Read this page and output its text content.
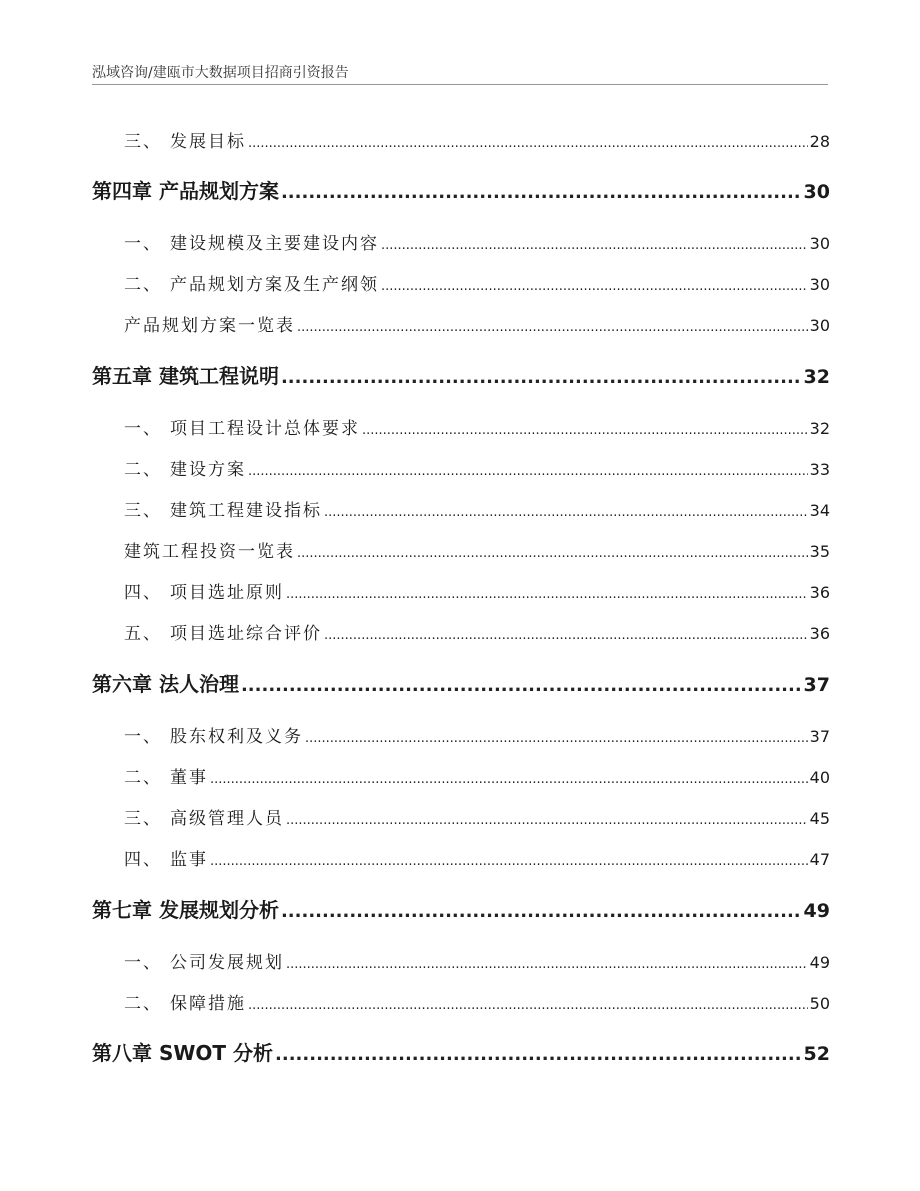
泓域咨询/建瓯市大数据项目招商引资报告
三、 发展目标 .....	28
第四章 产品规划方案 .....	30
一、 建设规模及主要建设内容 .....	30
二、 产品规划方案及生产纲领 .....	30
产品规划方案一览表 .....	30
第五章 建筑工程说明 .....	32
一、 项目工程设计总体要求 .....	32
二、 建设方案 .....	33
三、 建筑工程建设指标 .....	34
建筑工程投资一览表 .....	35
四、 项目选址原则 .....	36
五、 项目选址综合评价 .....	36
第六章 法人治理 .....	37
一、 股东权利及义务 .....	37
二、 董事 .....	40
三、 高级管理人员 .....	45
四、 监事 .....	47
第七章 发展规划分析 .....	49
一、 公司发展规划 .....	49
二、 保障措施 .....	50
第八章 SWOT 分析 .....	52
